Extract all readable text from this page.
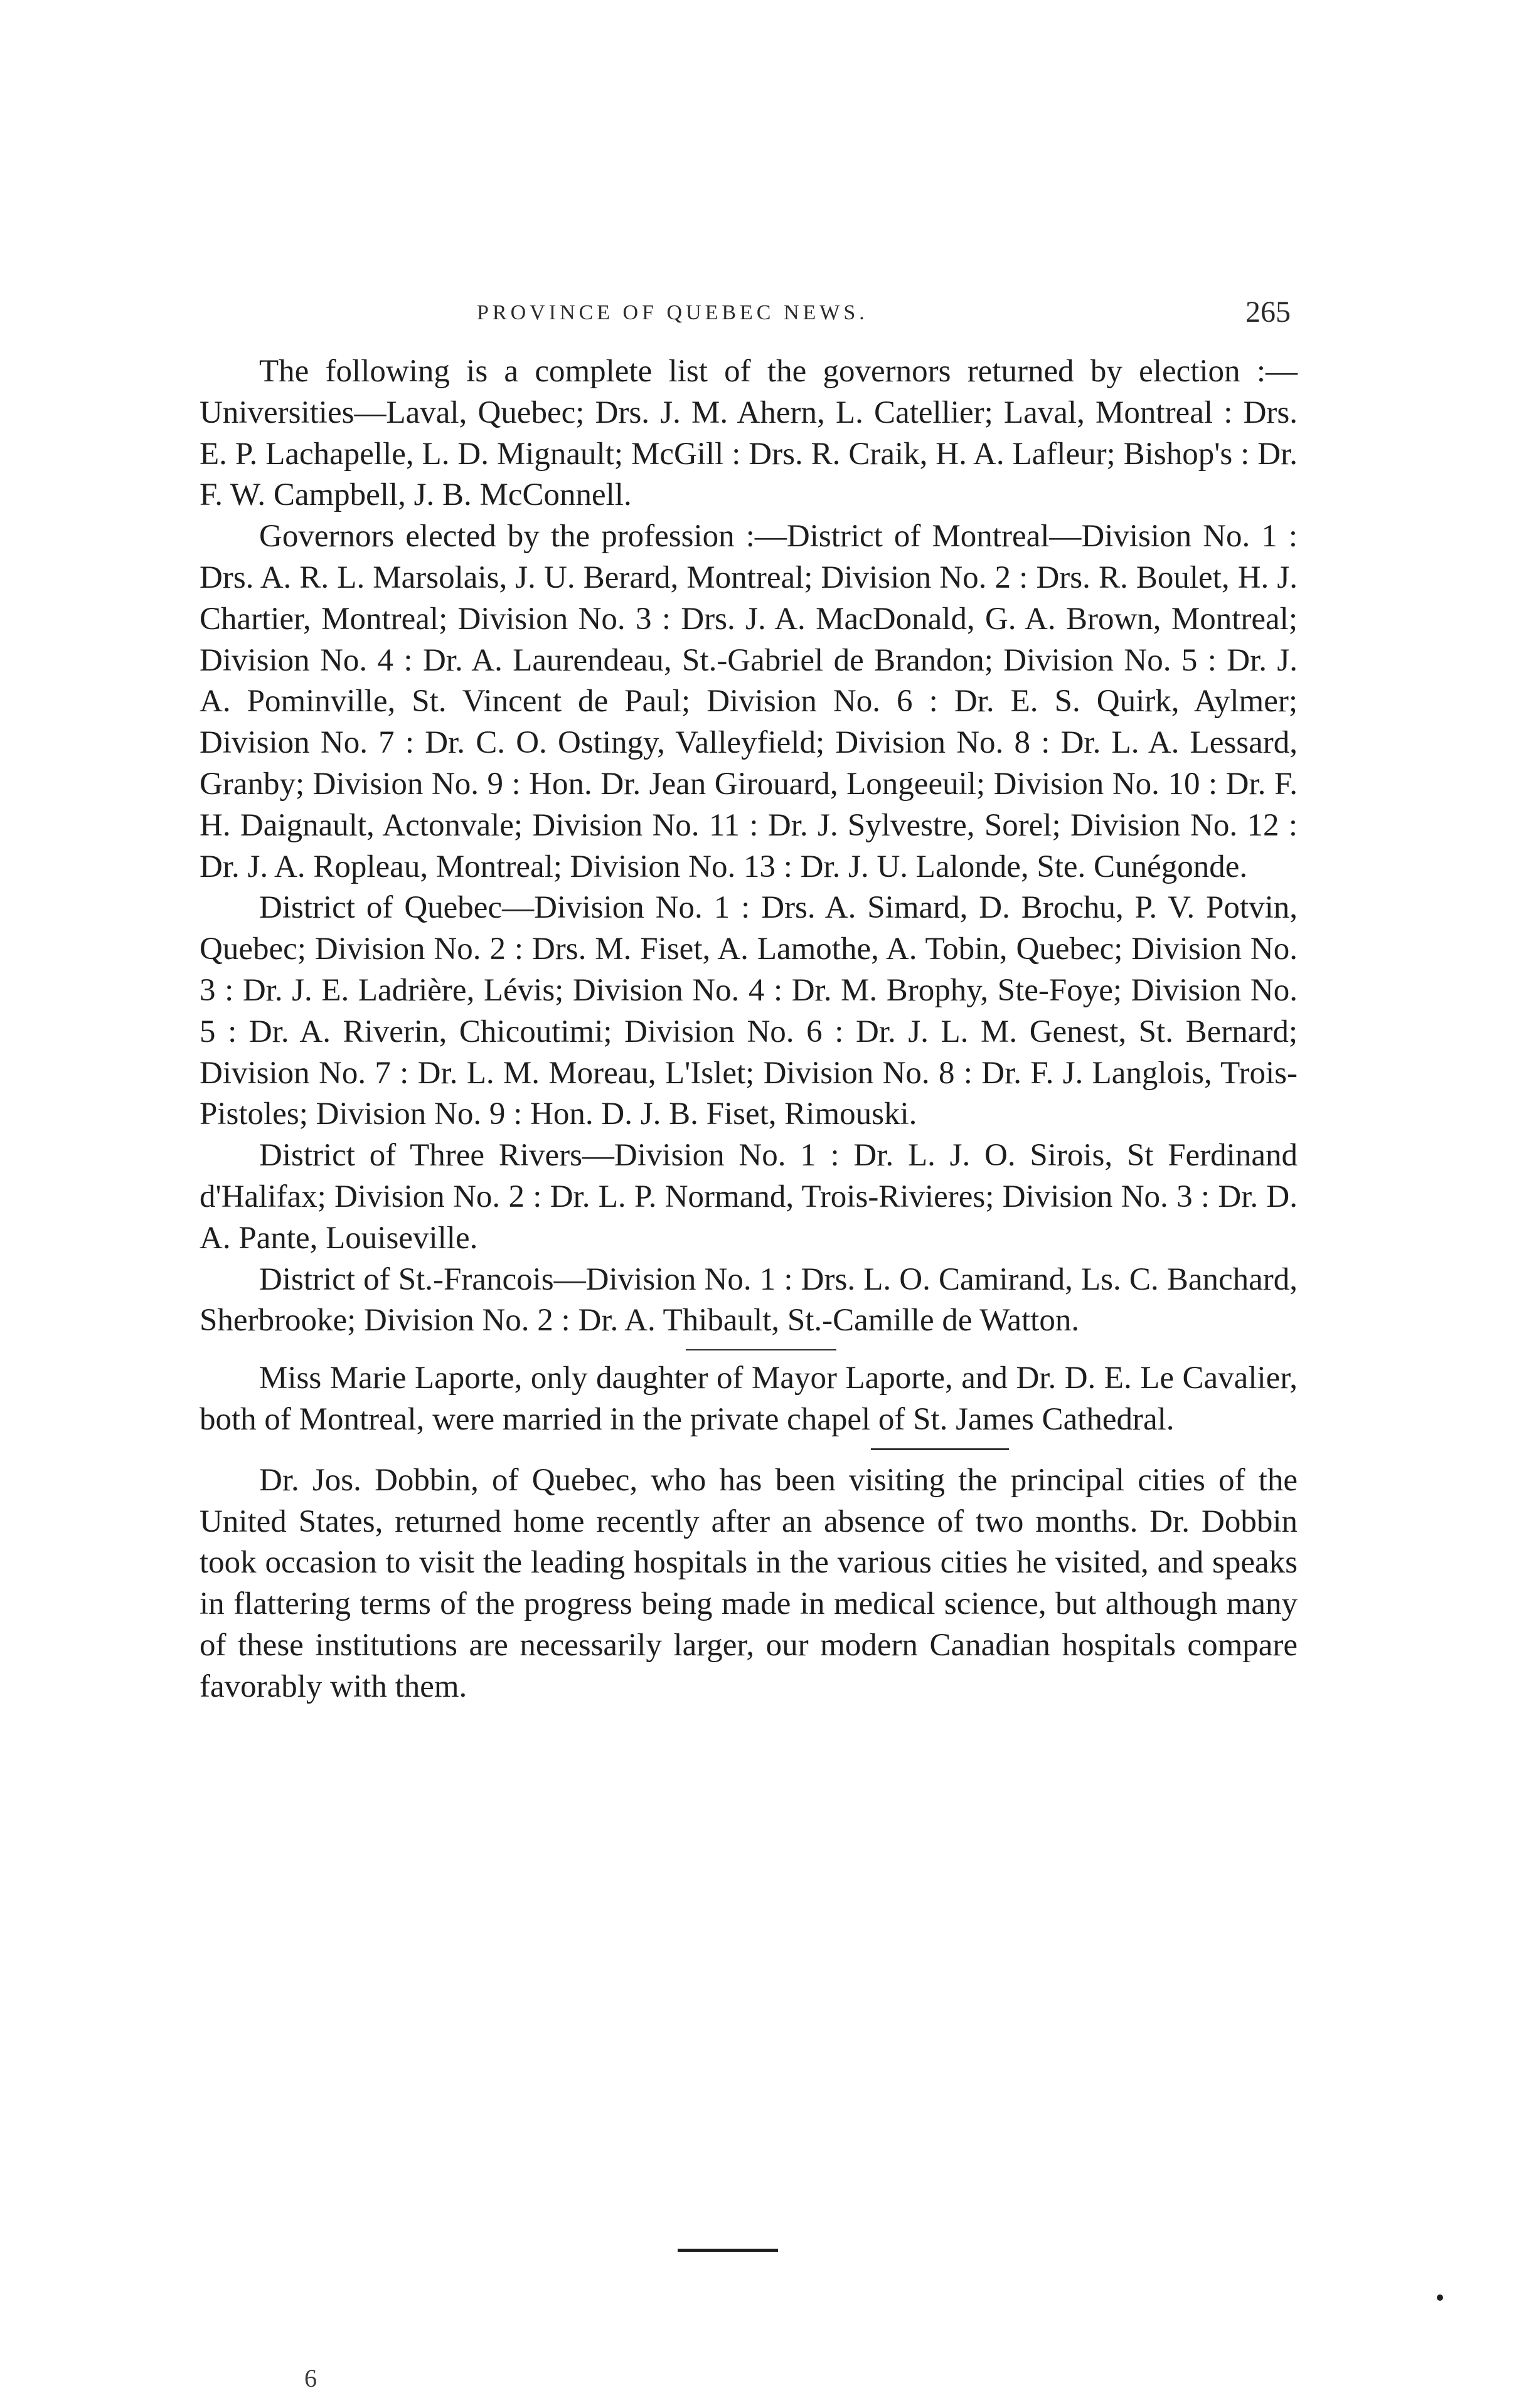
PROVINCE OF QUEBEC NEWS.	265

The following is a complete list of the governors returned by election :—Universities—Laval, Quebec; Drs. J. M. Ahern, L. Catellier; Laval, Montreal : Drs. E. P. Lachapelle, L. D. Mignault; McGill : Drs. R. Craik, H. A. Lafleur; Bishop's : Dr. F. W. Campbell, J. B. McConnell.

Governors elected by the profession :—District of Montreal—Division No. 1 : Drs. A. R. L. Marsolais, J. U. Berard, Montreal; Division No. 2 : Drs. R. Boulet, H. J. Chartier, Montreal; Division No. 3 : Drs. J. A. MacDonald, G. A. Brown, Montreal; Division No. 4 : Dr. A. Laurendeau, St.-Gabriel de Brandon; Division No. 5 : Dr. J. A. Pominville, St. Vincent de Paul; Division No. 6 : Dr. E. S. Quirk, Aylmer; Division No. 7 : Dr. C. O. Ostingy, Valleyfield; Division No. 8 : Dr. L. A. Lessard, Granby; Division No. 9 : Hon. Dr. Jean Girouard, Longeeuil; Division No. 10 : Dr. F. H. Daignault, Actonvale; Division No. 11 : Dr. J. Sylvestre, Sorel; Division No. 12 : Dr. J. A. Ropleau, Montreal; Division No. 13 : Dr. J. U. Lalonde, Ste. Cunégonde.

District of Quebec—Division No. 1 : Drs. A. Simard, D. Brochu, P. V. Potvin, Quebec; Division No. 2 : Drs. M. Fiset, A. Lamothe, A. Tobin, Quebec; Division No. 3 : Dr. J. E. Ladrière, Lévis; Division No. 4 : Dr. M. Brophy, Ste-Foye; Division No. 5 : Dr. A. Riverin, Chicoutimi; Division No. 6 : Dr. J. L. M. Genest, St. Bernard; Division No. 7 : Dr. L. M. Moreau, L'Islet; Division No. 8 : Dr. F. J. Langlois, Trois-Pistoles; Division No. 9 : Hon. D. J. B. Fiset, Rimouski.

District of Three Rivers—Division No. 1 : Dr. L. J. O. Sirois, St Ferdinand d'Halifax; Division No. 2 : Dr. L. P. Normand, Trois-Rivieres; Division No. 3 : Dr. D. A. Pante, Louiseville.

District of St.-Francois—Division No. 1 : Drs. L. O. Camirand, Ls. C. Banchard, Sherbrooke; Division No. 2 : Dr. A. Thibault, St.-Camille de Watton.

Miss Marie Laporte, only daughter of Mayor Laporte, and Dr. D. E. Le Cavalier, both of Montreal, were married in the private chapel of St. James Cathedral.

Dr. Jos. Dobbin, of Quebec, who has been visiting the principal cities of the United States, returned home recently after an absence of two months. Dr. Dobbin took occasion to visit the leading hospitals in the various cities he visited, and speaks in flattering terms of the progress being made in medical science, but although many of these institutions are necessarily larger, our modern Canadian hospitals compare favorably with them.

6
